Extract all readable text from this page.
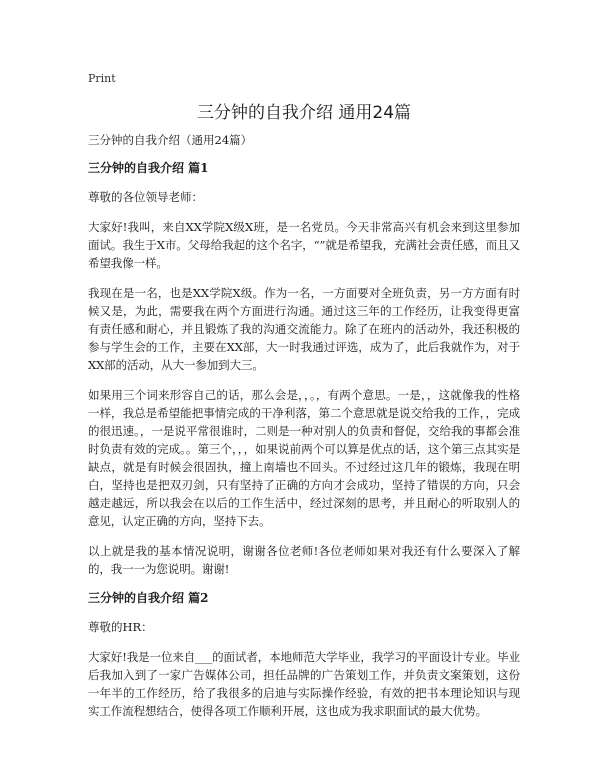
Print
三分钟的自我介绍 通用24篇
三分钟的自我介绍（通用24篇）
三分钟的自我介绍 篇1
尊敬的各位领导老师：

大家好!我叫，来自XX学院X级X班，是一名党员。今天非常高兴有机会来到这里参加面试。我生于X市。父母给我起的这个名字，“”就是希望我，充满社会责任感，而且又希望我像一样。

我现在是一名，也是XX学院X级。作为一名，一方面要对全班负责，另一方方面有时候又是，为此，需要我在两个方面进行沟通。通过这三年的工作经历，让我变得更富有责任感和耐心，并且锻炼了我的沟通交流能力。除了在班内的活动外，我还积极的参与学生会的工作，主要在XX部，大一时我通过评选，成为了，此后我就作为，对于XX部的活动，从大一参加到大三。

如果用三个词来形容自己的话，那么会是，，。，有两个意思。一是，，这就像我的性格一样，我总是希望能把事情完成的干净利落，第二个意思就是说交给我的工作，，完成的很迅速。，一是说平常很谁时，二则是一种对别人的负责和督促，交给我的事都会准时负责有效的完成。。第三个，，，如果说前两个可以算是优点的话，这个第三点其实是缺点，就是有时候会很固执，撞上南墙也不回头。不过经过这几年的锻炼，我现在明白，坚持也是把双刃剑，只有坚持了正确的方向才会成功，坚持了错误的方向，只会越走越远，所以我会在以后的工作生活中，经过深刻的思考，并且耐心的听取别人的意见，认定正确的方向，坚持下去。

以上就是我的基本情况说明，谢谢各位老师!各位老师如果对我还有什么要深入了解的，我一一为您说明。谢谢!

三分钟的自我介绍 篇2
尊敬的HR：

大家好!我是一位来自___的面试者，本地师范大学毕业，我学习的平面设计专业。毕业后我加入到了一家广告媒体公司，担任品牌的广告策划工作，并负责文案策划，这份一年半的工作经历，给了我很多的启迪与实际操作经验，有效的把书本理论知识与现实工作流程想结合，使得各项工作顺利开展，这也成为我求职面试的最大优势。
